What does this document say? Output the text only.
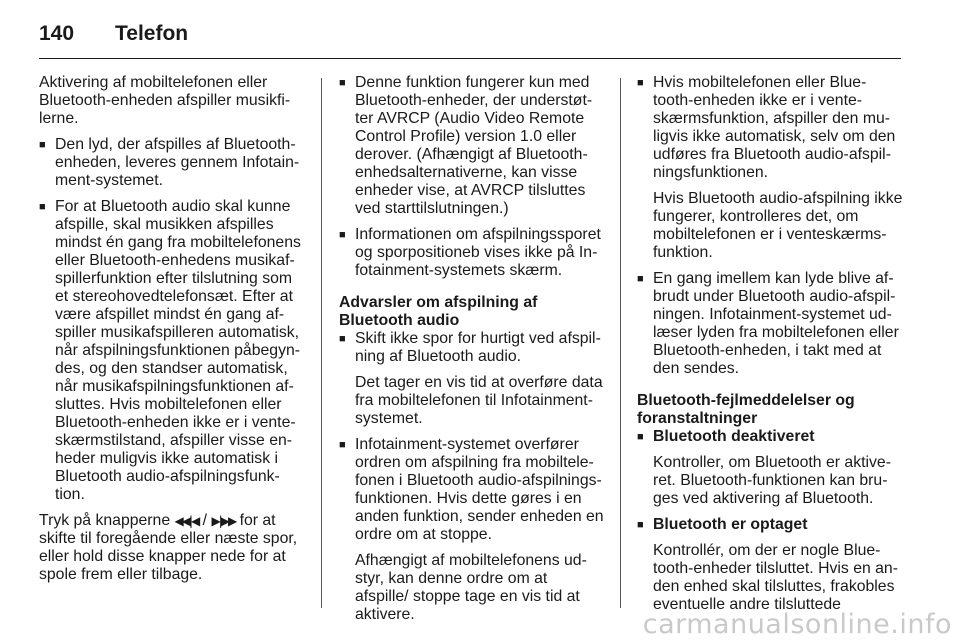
140	Telefon

Aktivering af mobiltelefonen eller Bluetooth-enheden afspiller musikfi-lerne.

■ Den lyd, der afspilles af Bluetooth-enheden, leveres gennem Infotain-ment-systemet.
■ For at Bluetooth audio skal kunne afspille, skal musikken afspilles mindst én gang fra mobiltelefonens eller Bluetooth-enhedens musikaf-spillerfunktion efter tilslutning som et stereohovedtelefonsæt. Efter at være afspillet mindst én gang af-spiller musikafspilleren automatisk, når afspilningsfunktionen påbegyn-des, og den standser automatisk, når musikafspilningsfunktionen af-sluttes. Hvis mobiltelefonen eller Bluetooth-enheden ikke er i vente-skærmstilstand, afspiller visse en-heder muligvis ikke automatisk i Bluetooth audio-afspilningsfunk-tion.

Tryk på knapperne ◀◀|◀ / ▶|▶▶ for at skifte til foregående eller næste spor, eller hold disse knapper nede for at spole frem eller tilbage.

■ Denne funktion fungerer kun med Bluetooth-enheder, der understøt-ter AVRCP (Audio Video Remote Control Profile) version 1.0 eller derover. (Afhængigt af Bluetooth-enhedsalternativerne, kan visse enheder vise, at AVRCP tilsluttes ved starttilslutningen.)
■ Informationen om afspilningssporet og sporpositioneb vises ikke på In-fotainment-systemets skærm.
Advarsler om afspilning af Bluetooth audio
■ Skift ikke spor for hurtigt ved afspil-ning af Bluetooth audio.
Det tager en vis tid at overføre data fra mobiltelefonen til Infotainment-systemet.
■ Infotainment-systemet overfører ordren om afspilning fra mobiltele-fonen i Bluetooth audio-afspilnings-funktionen. Hvis dette gøres i en anden funktion, sender enheden en ordre om at stoppe.
Afhængigt af mobiltelefonens ud-styr, kan denne ordre om at afspille/ stoppe tage en vis tid at aktivere.
■ Hvis mobiltelefonen eller Blue-tooth-enheden ikke er i vente-skærmsfunktion, afspiller den mu-ligvis ikke automatisk, selv om den udføres fra Bluetooth audio-afspil-ningsfunktionen.
Hvis Bluetooth audio-afspilning ikke fungerer, kontrolleres det, om mobiltelefonen er i venteskærms-funktion.
■ En gang imellem kan lyde blive af-brudt under Bluetooth audio-afspil-ningen. Infotainment-systemet ud-læser lyden fra mobiltelefonen eller Bluetooth-enheden, i takt med at den sendes.
Bluetooth-fejlmeddelelser og foranstaltninger
■ Bluetooth deaktiveret
Kontroller, om Bluetooth er aktive-ret. Bluetooth-funktionen kan bru-ges ved aktivering af Bluetooth.
■ Bluetooth er optaget
Kontrollér, om der er nogle Blue-tooth-enheder tilsluttet. Hvis en an-den enhed skal tilsluttes, frakobles eventuelle andre tilsluttede
carmanualsonline.info
